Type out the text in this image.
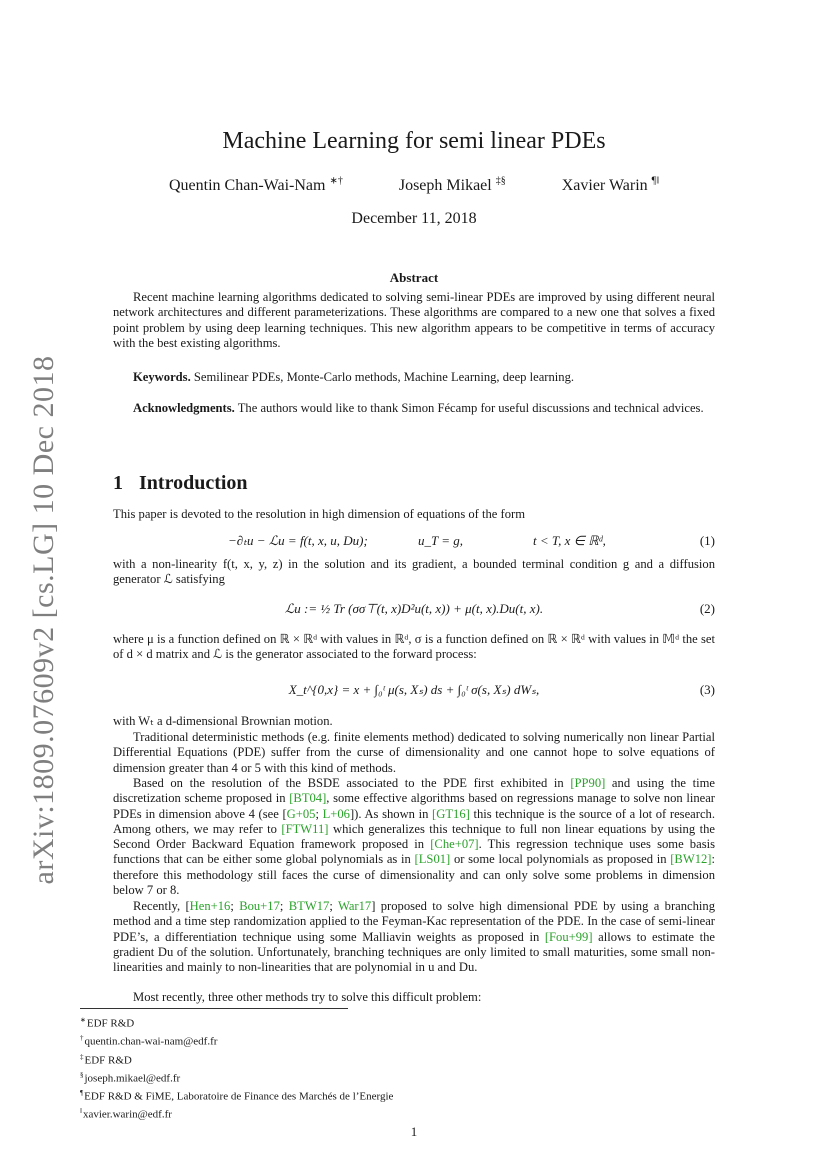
arXiv:1809.07609v2 [cs.LG] 10 Dec 2018
Machine Learning for semi linear PDEs
Quentin Chan-Wai-Nam ∗†	Joseph Mikael ‡§	Xavier Warin ¶‖
December 11, 2018
Abstract
Recent machine learning algorithms dedicated to solving semi-linear PDEs are improved by using different neural network architectures and different parameterizations. These algorithms are compared to a new one that solves a fixed point problem by using deep learning techniques. This new algorithm appears to be competitive in terms of accuracy with the best existing algorithms.
Keywords. Semilinear PDEs, Monte-Carlo methods, Machine Learning, deep learning.
Acknowledgments. The authors would like to thank Simon Fécamp for useful discussions and technical advices.
1 Introduction
This paper is devoted to the resolution in high dimension of equations of the form
−∂ₜu − ℒu = f(t, x, u, Du);	u_T = g,	t < T, x ∈ ℝᵈ,	(1)
with a non-linearity f(t, x, y, z) in the solution and its gradient, a bounded terminal condition g and a diffusion generator ℒ satisfying
ℒu := ½ Tr (σσ⊤(t, x)D²u(t, x)) + μ(t, x).Du(t, x).	(2)
where μ is a function defined on ℝ × ℝᵈ with values in ℝᵈ, σ is a function defined on ℝ × ℝᵈ with values in 𝕄ᵈ the set of d × d matrix and ℒ is the generator associated to the forward process:
X_t^{0,x} = x + ∫₀ᵗ μ(s, Xₛ) ds + ∫₀ᵗ σ(s, Xₛ) dWₛ,	(3)
with Wₜ a d-dimensional Brownian motion.
Traditional deterministic methods (e.g. finite elements method) dedicated to solving numerically non linear Partial Differential Equations (PDE) suffer from the curse of dimensionality and one cannot hope to solve equations of dimension greater than 4 or 5 with this kind of methods.
Based on the resolution of the BSDE associated to the PDE first exhibited in [PP90] and using the time discretization scheme proposed in [BT04], some effective algorithms based on regressions manage to solve non linear PDEs in dimension above 4 (see [G+05; L+06]). As shown in [GT16] this technique is the source of a lot of research. Among others, we may refer to [FTW11] which generalizes this technique to full non linear equations by using the Second Order Backward Equation framework proposed in [Che+07]. This regression technique uses some basis functions that can be either some global polynomials as in [LS01] or some local polynomials as proposed in [BW12]: therefore this methodology still faces the curse of dimensionality and can only solve some problems in dimension below 7 or 8.
Recently, [Hen+16; Bou+17; BTW17; War17] proposed to solve high dimensional PDE by using a branching method and a time step randomization applied to the Feyman-Kac representation of the PDE. In the case of semi-linear PDE’s, a differentiation technique using some Malliavin weights as proposed in [Fou+99] allows to estimate the gradient Du of the solution. Unfortunately, branching techniques are only limited to small maturities, some small non-linearities and mainly to non-linearities that are polynomial in u and Du.
Most recently, three other methods try to solve this difficult problem:
∗EDF R&D
†quentin.chan-wai-nam@edf.fr
‡EDF R&D
§joseph.mikael@edf.fr
¶EDF R&D & FiME, Laboratoire de Finance des Marchés de l’Energie
‖xavier.warin@edf.fr
1
